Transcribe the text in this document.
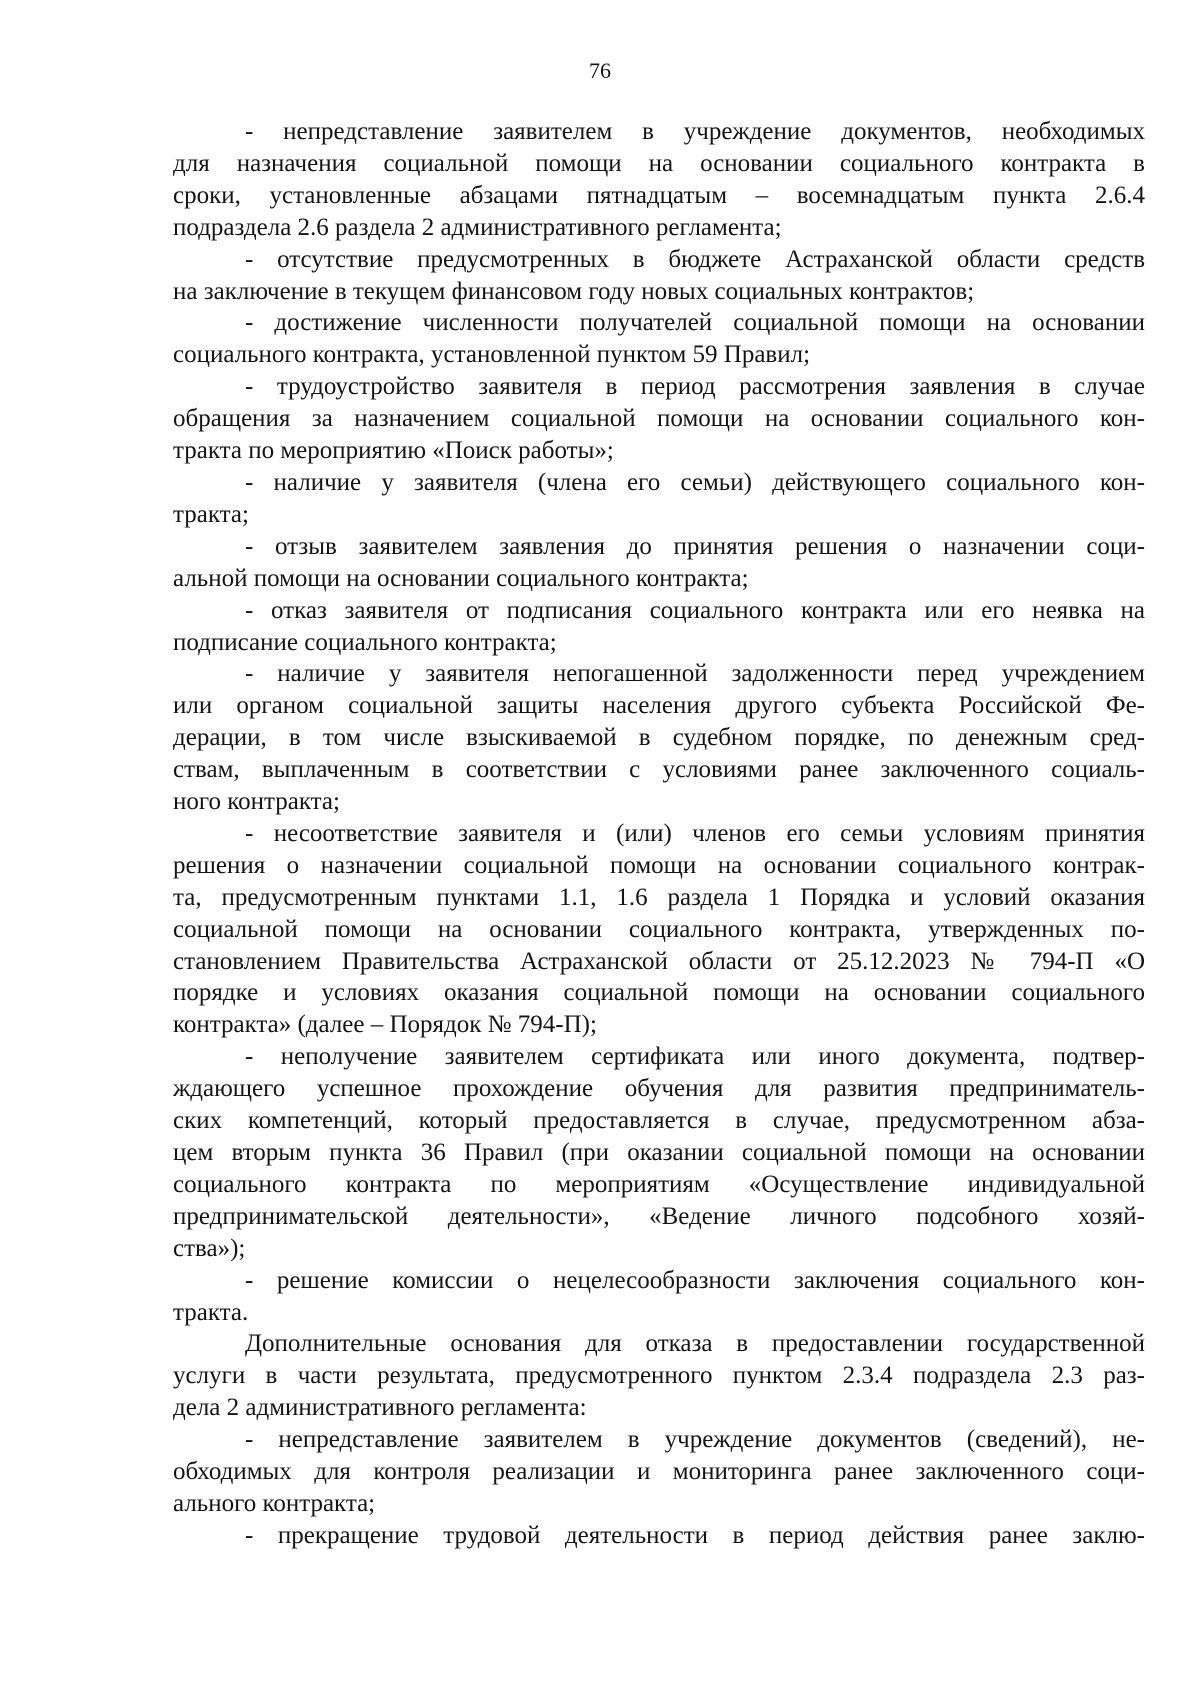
76
- непредставление заявителем в учреждение документов, необходимых
для назначения социальной помощи на основании социального контракта в
сроки, установленные абзацами пятнадцатым – восемнадцатым пункта 2.6.4
подраздела 2.6 раздела 2 административного регламента;
- отсутствие предусмотренных в бюджете Астраханской области средств
на заключение в текущем финансовом году новых социальных контрактов;
- достижение численности получателей социальной помощи на основании
социального контракта, установленной пунктом 59 Правил;
- трудоустройство заявителя в период рассмотрения заявления в случае
обращения за назначением социальной помощи на основании социального кон-
тракта по мероприятию «Поиск работы»;
- наличие у заявителя (члена его семьи) действующего социального кон-
тракта;
- отзыв заявителем заявления до принятия решения о назначении соци-
альной помощи на основании социального контракта;
- отказ заявителя от подписания социального контракта или его неявка на
подписание социального контракта;
- наличие у заявителя непогашенной задолженности перед учреждением
или органом социальной защиты населения другого субъекта Российской Фе-
дерации, в том числе взыскиваемой в судебном порядке, по денежным сред-
ствам, выплаченным в соответствии с условиями ранее заключенного социаль-
ного контракта;
- несоответствие заявителя и (или) членов его семьи условиям принятия
решения о назначении социальной помощи на основании социального контрак-
та, предусмотренным пунктами 1.1, 1.6 раздела 1 Порядка и условий оказания
социальной помощи на основании социального контракта, утвержденных по-
становлением Правительства Астраханской области от 25.12.2023 № 794-П «О
порядке и условиях оказания социальной помощи на основании социального
контракта» (далее – Порядок № 794-П);
- неполучение заявителем сертификата или иного документа, подтвер-
ждающего успешное прохождение обучения для развития предприниматель-
ских компетенций, который предоставляется в случае, предусмотренном абза-
цем вторым пункта 36 Правил (при оказании социальной помощи на основании
социального контракта по мероприятиям «Осуществление индивидуальной
предпринимательской деятельности», «Ведение личного подсобного хозяй-
ства»);
- решение комиссии о нецелесообразности заключения социального кон-
тракта.
Дополнительные основания для отказа в предоставлении государственной
услуги в части результата, предусмотренного пунктом 2.3.4 подраздела 2.3 раз-
дела 2 административного регламента:
- непредставление заявителем в учреждение документов (сведений), не-
обходимых для контроля реализации и мониторинга ранее заключенного соци-
ального контракта;
- прекращение трудовой деятельности в период действия ранее заклю-
